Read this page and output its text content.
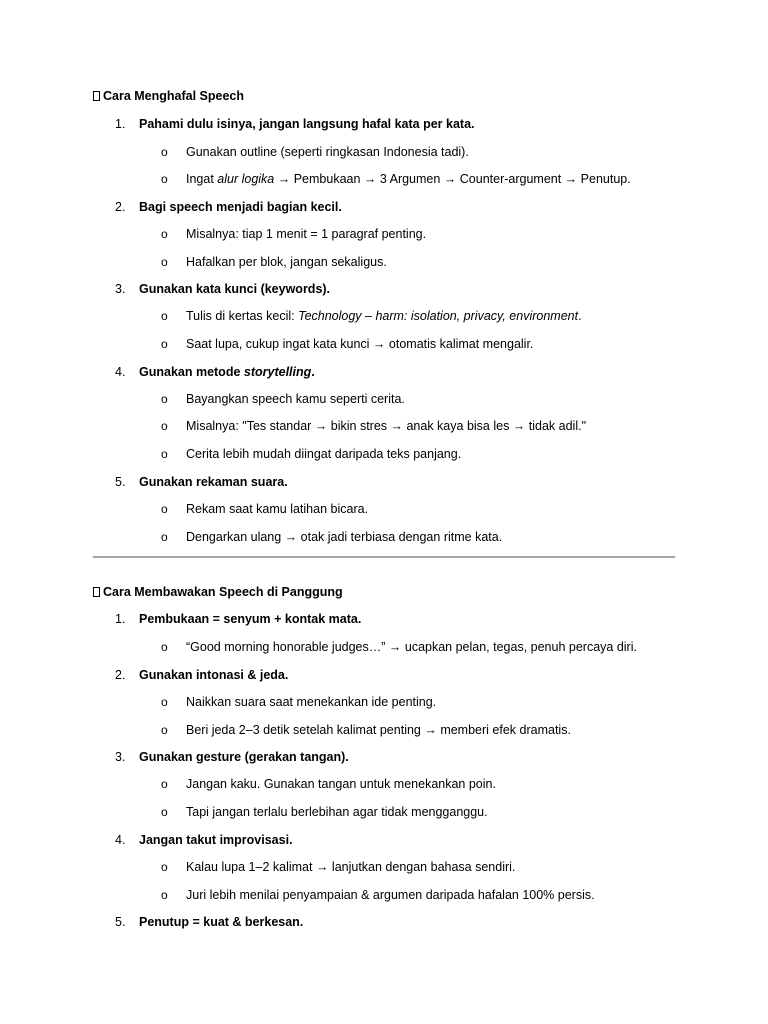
Cara Menghafal Speech
1. Pahami dulu isinya, jangan langsung hafal kata per kata.
o Gunakan outline (seperti ringkasan Indonesia tadi).
o Ingat alur logika → Pembukaan → 3 Argumen → Counter-argument → Penutup.
2. Bagi speech menjadi bagian kecil.
o Misalnya: tiap 1 menit = 1 paragraf penting.
o Hafalkan per blok, jangan sekaligus.
3. Gunakan kata kunci (keywords).
o Tulis di kertas kecil: Technology – harm: isolation, privacy, environment.
o Saat lupa, cukup ingat kata kunci → otomatis kalimat mengalir.
4. Gunakan metode storytelling.
o Bayangkan speech kamu seperti cerita.
o Misalnya: "Tes standar → bikin stres → anak kaya bisa les → tidak adil."
o Cerita lebih mudah diingat daripada teks panjang.
5. Gunakan rekaman suara.
o Rekam saat kamu latihan bicara.
o Dengarkan ulang → otak jadi terbiasa dengan ritme kata.
Cara Membawakan Speech di Panggung
1. Pembukaan = senyum + kontak mata.
o “Good morning honorable judges…” → ucapkan pelan, tegas, penuh percaya diri.
2. Gunakan intonasi & jeda.
o Naikkan suara saat menekankan ide penting.
o Beri jeda 2–3 detik setelah kalimat penting → memberi efek dramatis.
3. Gunakan gesture (gerakan tangan).
o Jangan kaku. Gunakan tangan untuk menekankan poin.
o Tapi jangan terlalu berlebihan agar tidak mengganggu.
4. Jangan takut improvisasi.
o Kalau lupa 1–2 kalimat → lanjutkan dengan bahasa sendiri.
o Juri lebih menilai penyampaian & argumen daripada hafalan 100% persis.
5. Penutup = kuat & berkesan.
